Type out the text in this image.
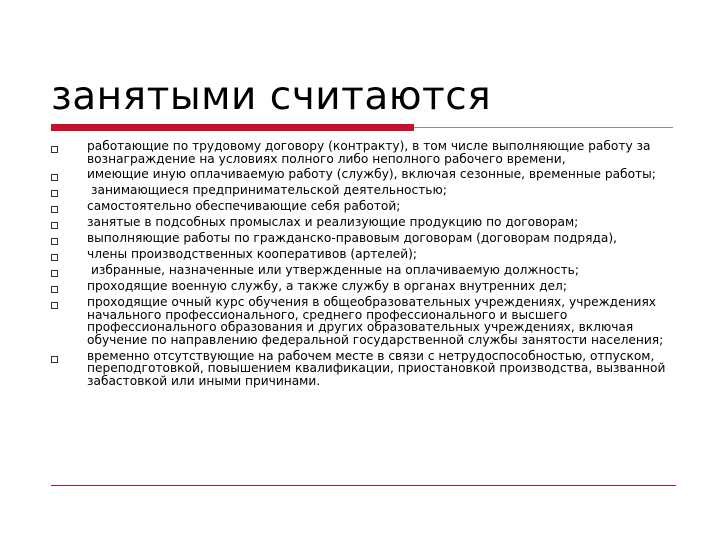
занятыми считаются
работающие по трудовому договору (контракту), в том числе выполняющие работу за вознаграждение на условиях полного либо неполного рабочего времени,
имеющие иную оплачиваемую работу (службу), включая сезонные, временные работы;
занимающиеся предпринимательской деятельностью;
самостоятельно обеспечивающие себя работой;
занятые в подсобных промыслах и реализующие продукцию по договорам;
выполняющие работы по гражданско-правовым договорам (договорам подряда),
члены производственных кооперативов (артелей);
избранные, назначенные или утвержденные на оплачиваемую должность;
проходящие военную службу, а также службу в органах внутренних дел;
проходящие очный курс обучения в общеобразовательных учреждениях, учреждениях начального профессионального, среднего профессионального и высшего профессионального образования и других образовательных учреждениях, включая обучение по направлению федеральной государственной службы занятости населения;
временно отсутствующие на рабочем месте в связи с нетрудоспособностью, отпуском, переподготовкой, повышением квалификации, приостановкой производства, вызванной забастовкой или иными причинами.
